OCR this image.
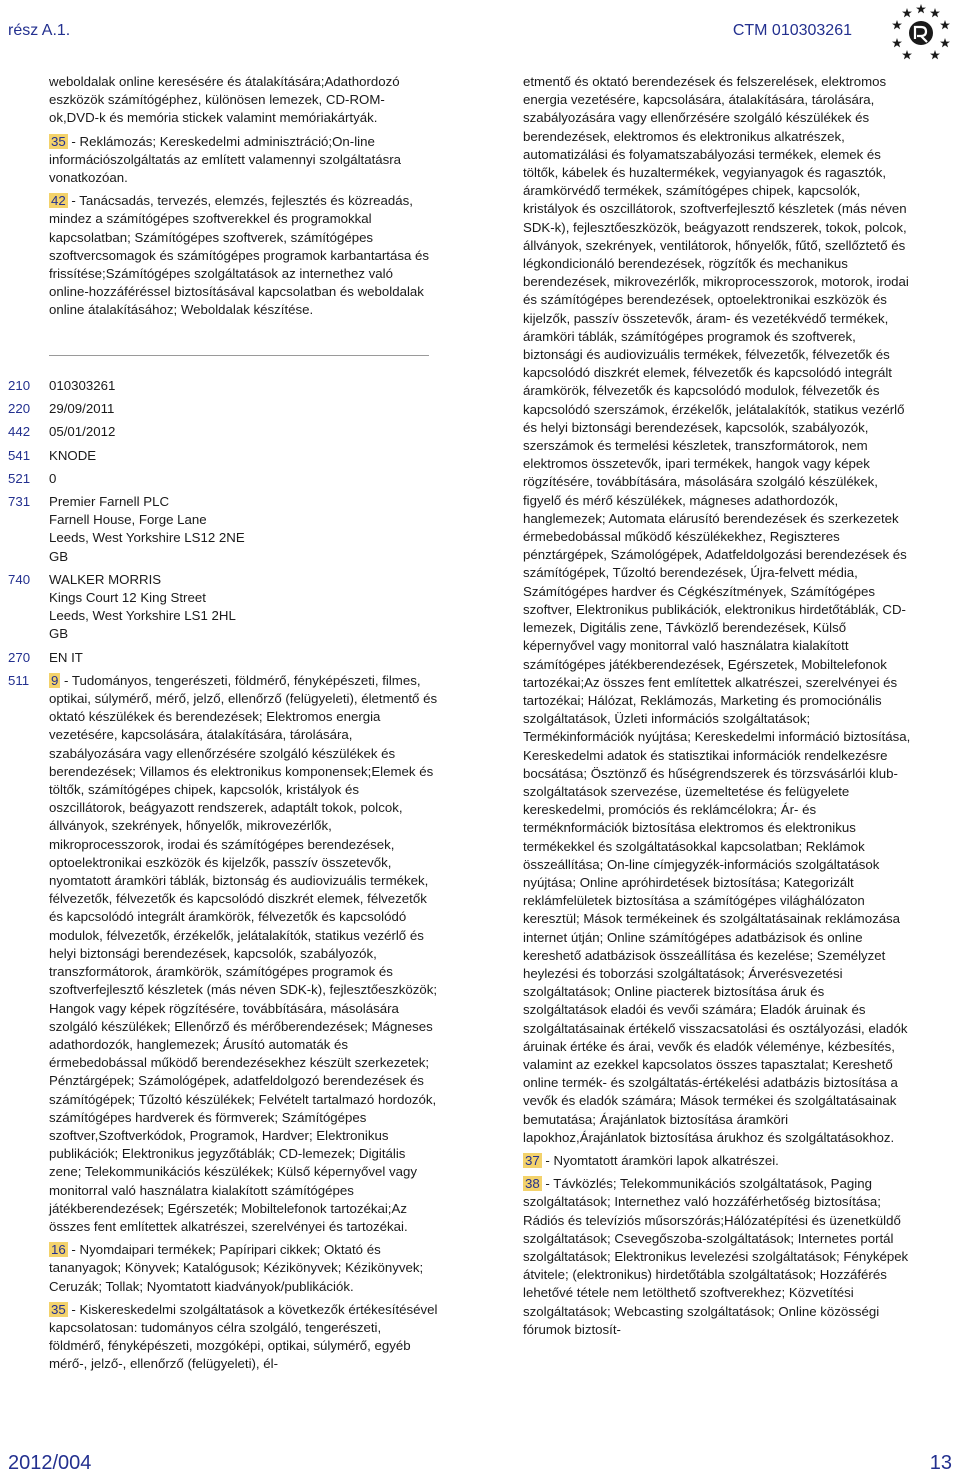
rész A.1.	CTM 010303261

weboldalak online keresésére és átalakítására;Adathordozó eszközök számítógéphez, különösen lemezek, CD-ROM-ok,DVD-k és memória stickek valamint memóriakártyák.

35 - Reklámozás; Kereskedelmi adminisztráció;On-line információszolgáltatás az említett valamennyi szolgáltatásra vonatkozóan.

42 - Tanácsadás, tervezés, elemzés, fejlesztés és közreadás, mindez a számítógépes szoftverekkel és programokkal kapcsolatban; Számítógépes szoftverek, számítógépes szoftvercsomagok és számítógépes programok karbantartása és frissítése;Számítógépes szolgáltatások az internethez való online-hozzáféréssel biztosításával kapcsolatban és weboldalak online átalakításához; Weboldalak készítése.

210	010303261
220	29/09/2011
442	05/01/2012
541	KNODE
521	0
731	Premier Farnell PLC
Farnell House, Forge Lane
Leeds, West Yorkshire LS12 2NE
GB
740	WALKER MORRIS
Kings Court 12 King Street
Leeds, West Yorkshire LS1 2HL
GB
270	EN IT
511	9 - Tudományos, tengerészeti, földmérő, fényképészeti, filmes, optikai, súlymérő, mérő, jelző, ellenőrző (felügyeleti), életmentő és oktató készülékek és berendezések; Elektromos energia vezetésére, kapcsolására, átalakítására, tárolására, szabályozására vagy ellenőrzésére szolgáló készülékek és berendezések; Villamos és elektronikus komponensek;Elemek és töltők, számítógépes chipek, kapcsolók, kristályok és oszcillátorok, beágyazott rendszerek, adaptált tokok, polcok, állványok, szekrények, hőnyelők, mikrovezérlők, mikroprocesszorok, irodai és számítógépes berendezések, optoelektronikai eszközök és kijelzők, passzív összetevők, nyomtatott áramköri táblák, biztonság és audiovizuális termékek, félvezetők, félvezetők és kapcsolódó diszkrét elemek, félvezetők és kapcsolódó integrált áramkörök, félvezetők és kapcsolódó modulok, félvezetők, érzékelők, jelátalakítók, statikus vezérlő és helyi biztonsági berendezések, kapcsolók, szabályozók, transzformátorok, áramkörök, számítógépes programok és szoftverfejlesztő készletek (más néven SDK-k), fejlesztőeszközök; Hangok vagy képek rögzítésére, továbbítására, másolására szolgáló készülékek; Ellenőrző és mérőberendezések; Mágneses adathordozók, hanglemezek; Árusító automaták és érmebedobással működő berendezésekhez készült szerkezetek; Pénztárgépek; Számológépek, adatfeldolgozó berendezések és számítógépek; Tűzoltó készülékek; Felvételt tartalmazó hordozók, számítógépes hardverek és förmverek; Számítógépes szoftver,Szoftverkódok, Programok, Hardver; Elektronikus publikációk; Elektronikus jegyzőtáblák; CD-lemezek; Digitális zene; Telekommunikációs készülékek; Külső képernyővel vagy monitorral való használatra kialakított számítógépes játékberendezések; Egérszeték; Mobiltelefonok tartozékai;Az összes fent említettek alkatrészei, szerelvényei és tartozékai.

16 - Nyomdaipari termékek; Papíripari cikkek; Oktató és tananyagok; Könyvek; Katalógusok; Kézikönyvek; Kézikönyvek; Ceruzák; Tollak; Nyomtatott kiadványok/publikációk.

35 - Kiskereskedelmi szolgáltatások a következők értékesítésével kapcsolatosan: tudományos célra szolgáló, tengerészeti, földmérő, fényképészeti, mozgóképi, optikai, súlymérő, egyéb mérő-, jelző-, ellenőrző (felügyeleti), él-

etmentő és oktató berendezések és felszerelések, elektromos energia vezetésére, kapcsolására, átalakítására, tárolására, szabályozására vagy ellenőrzésére szolgáló készülékek és berendezések, elektromos és elektronikus alkatrészek, automatizálási és folyamatszabályozási termékek, elemek és töltők, kábelek és huzaltermékek, vegyianyagok és ragasztók, áramkörvédő termékek, számítógépes chipek, kapcsolók, kristályok és oszcillátorok, szoftverfejlesztő készletek (más néven SDK-k), fejlesztőeszközök, beágyazott rendszerek, tokok, polcok, állványok, szekrények, ventilátorok, hőnyelők, fűtő, szellőztető és légkondicionáló berendezések, rögzítők és mechanikus berendezések, mikrovezérlők, mikroprocesszorok, motorok, irodai és számítógépes berendezések, optoelektronikai eszközök és kijelzők, passzív összetevők, áram- és vezetékvédő termékek, áramköri táblák, számítógépes programok és szoftverek, biztonsági és audiovizuális termékek, félvezetők, félvezetők és kapcsolódó diszkrét elemek, félvezetők és kapcsolódó integrált áramkörök, félvezetők és kapcsolódó modulok, félvezetők és kapcsolódó szerszámok, érzékelők, jelátalakítók, statikus vezérlő és helyi biztonsági berendezések, kapcsolók, szabályozók, szerszámok és termelési készletek, transzformátorok, nem elektromos összetevők, ipari termékek, hangok vagy képek rögzítésére, továbbítására, másolására szolgáló készülékek, figyelő és mérő készülékek, mágneses adathordozók, hanglemezek; Automata elárusító berendezések és szerkezetek érmebedobással működő készülékekhez, Regiszteres pénztárgépek, Számológépek, Adatfeldolgozási berendezések és számítógépek, Tűzoltó berendezések, Újra-felvett média, Számítógépes hardver és Cégkészítmények, Számítógépes szoftver, Elektronikus publikációk, elektronikus hirdetőtáblák, CD-lemezek, Digitális zene, Távközlő berendezések, Külső képernyővel vagy monitorral való használatra kialakított számítógépes játékberendezések, Egérszetek, Mobiltelefonok tartozékai;Az összes fent említettek alkatrészei, szerelvényei és tartozékai; Hálózat, Reklámozás, Marketing és promociónális szolgáltatások, Üzleti információs szolgáltatások; Termékinformációk nyújtása; Kereskedelmi információ biztosítása, Kereskedelmi adatok és statisztikai információk rendelkezésre bocsátása; Ösztönző és hűségrendszerek és törzsvásárlói klub-szolgáltatások szervezése, üzemeltetése és felügyelete kereskedelmi, promóciós és reklámcélokra; Ár- és terméknformációk biztosítása elektromos és elektronikus termékekkel és szolgáltatásokkal kapcsolatban; Reklámok összeállítása; On-line címjegyzék-információs szolgáltatások nyújtása; Online apróhirdetések biztosítása; Kategorizált reklámfelületek biztosítása a számítógépes világhálózaton keresztül; Mások termékeinek és szolgáltatásainak reklámozása internet útján; Online számítógépes adatbázisok és online kereshető adatbázisok összeállítása és kezelése; Személyzet heylezési és toborzási szolgáltatások; Árverésvezetési szolgáltatások; Online piacterek biztosítása áruk és szolgáltatások eladói és vevői számára; Eladók áruinak és szolgáltatásainak értékelő visszacsatolási és osztályozási, eladók áruinak értéke és árai, vevők és eladók véleménye, kézbesítés, valamint az ezekkel kapcsolatos összes tapasztalat; Kereshető online termék- és szolgáltatás-értékelési adatbázis biztosítása a vevők és eladók számára; Mások termékei és szolgáltatásainak bemutatása; Árajánlatok biztosítása áramköri lapokhoz,Árajánlatok biztosítása árukhoz és szolgáltatásokhoz.

37 - Nyomtatott áramköri lapok alkatrészei.

38 - Távközlés; Telekommunikációs szolgáltatások, Paging szolgáltatások; Internethez való hozzáférhetőség biztosítása; Rádiós és televíziós műsorszórás;Hálózatépítési és üzenetküldő szolgáltatások; Csevegőszoba-szolgáltatások; Internetes portál szolgáltatások; Elektronikus levelezési szolgáltatások; Fényképek átvitele; (elektronikus) hirdetőtábla szolgáltatások; Hozzáférés lehetővé tétele nem letölthető szoftverekhez; Közvetítési szolgáltatások; Webcasting szolgáltatások; Online közösségi fórumok biztosít-

2012/004	13
